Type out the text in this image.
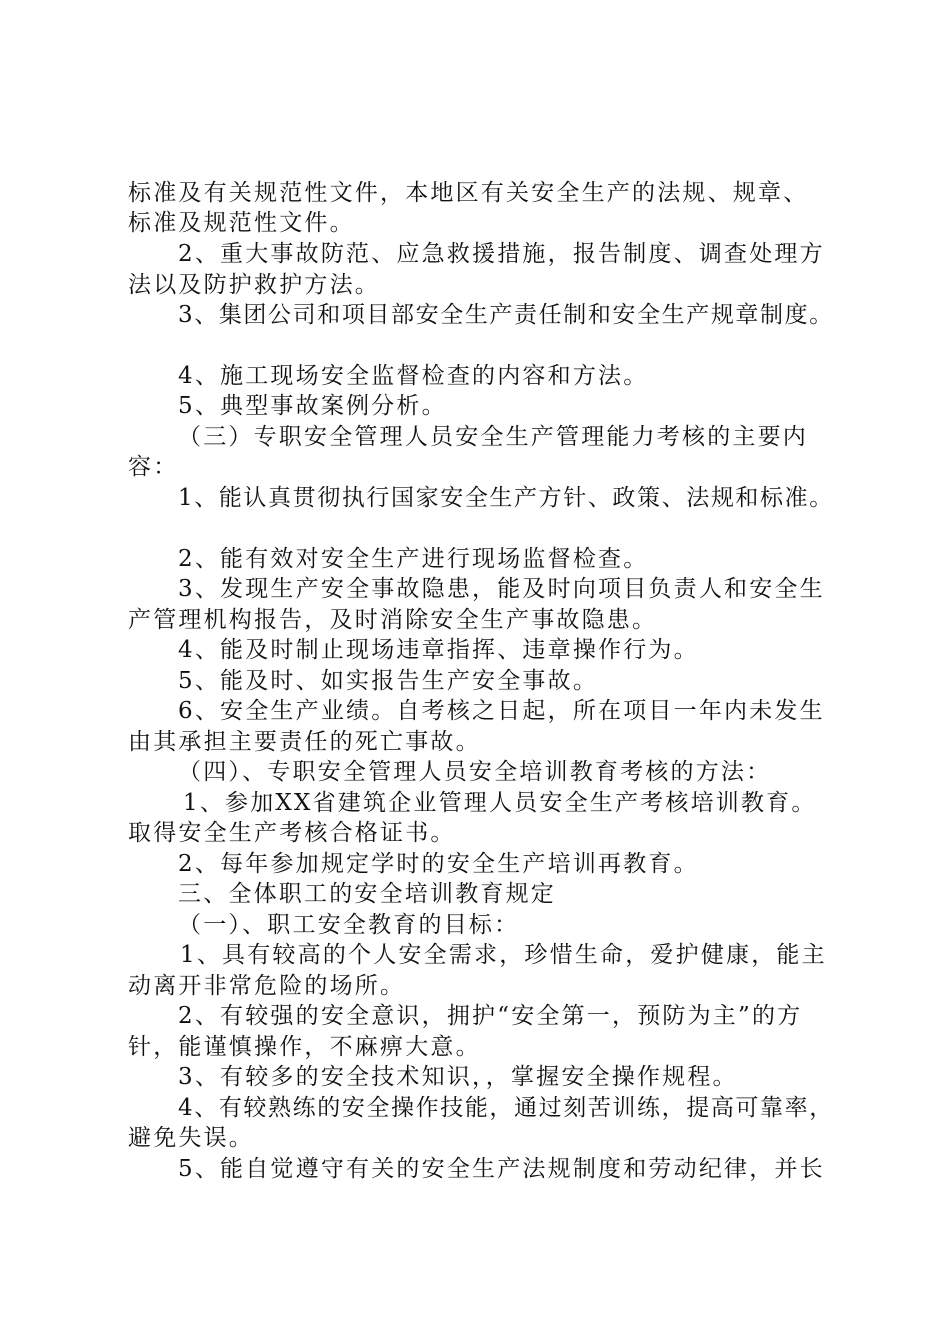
标准及有关规范性文件，本地区有关安全生产的法规、规章、
标准及规范性文件。
2、重大事故防范、应急救援措施，报告制度、调查处理方
法以及防护救护方法。
3、集团公司和项目部安全生产责任制和安全生产规章制度。
4、施工现场安全监督检查的内容和方法。
5、典型事故案例分析。
（三）专职安全管理人员安全生产管理能力考核的主要内
容：
1、能认真贯彻执行国家安全生产方针、政策、法规和标准。
2、能有效对安全生产进行现场监督检查。
3、发现生产安全事故隐患，能及时向项目负责人和安全生
产管理机构报告，及时消除安全生产事故隐患。
4、能及时制止现场违章指挥、违章操作行为。
5、能及时、如实报告生产安全事故。
6、安全生产业绩。自考核之日起，所在项目一年内未发生
由其承担主要责任的死亡事故。
（四）、专职安全管理人员安全培训教育考核的方法：
1、参加XX省建筑企业管理人员安全生产考核培训教育。
取得安全生产考核合格证书。
2、每年参加规定学时的安全生产培训再教育。
三、全体职工的安全培训教育规定
（一）、职工安全教育的目标：
1、具有较高的个人安全需求，珍惜生命，爱护健康，能主
动离开非常危险的场所。
2、有较强的安全意识，拥护“安全第一，预防为主”的方
针，能谨慎操作，不麻痹大意。
3、有较多的安全技术知识，，掌握安全操作规程。
4、有较熟练的安全操作技能，通过刻苦训练，提高可靠率，
避免失误。
5、能自觉遵守有关的安全生产法规制度和劳动纪律，并长
